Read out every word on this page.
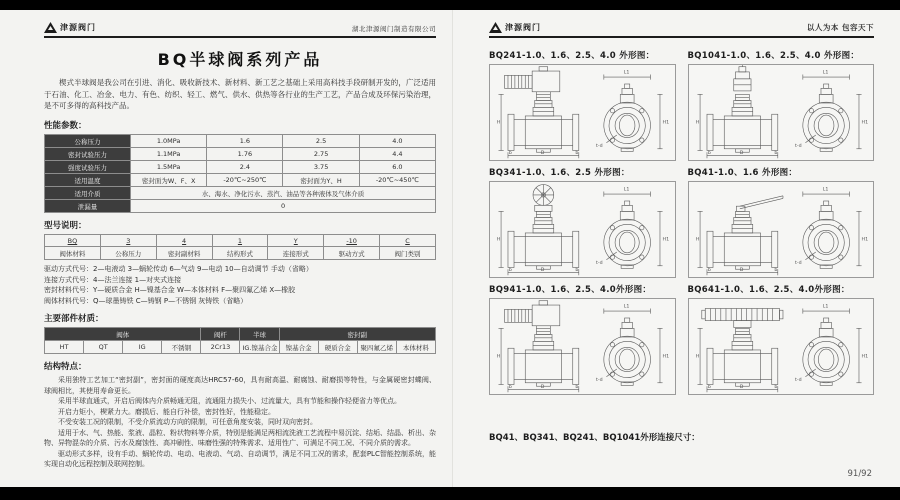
津源阀门	湖北津源阀门制造有限公司
BQ半球阀系列产品

楔式半球阀是我公司在引进、消化、吸收新技术、新材料、新工艺之基础上采用高科技手段研制开发的，广泛适用于石油、化工、冶金、电力、有色、纺织、轻工、燃气、供水、供热等各行业的生产工艺，产品合成及环保污染治理，是不可多得的高科技产品。

性能参数：
公称压力	1.0MPa	1.6	2.5	4.0
密封试验压力	1.1MPa	1.76	2.75	4.4
强度试验压力	1.5MPa	2.4	3.75	6.0
适用温度	密封面为W、F、X	-20℃~250℃	密封面为Y、H	-20℃~450℃
适用介质	水、海水、净化污水、蒸汽、油品等各种液体及气体介质			
泄漏量	0			
型号说明：
BQ	3	4	1	Y	-10	C
阀体材料	公称压力	密封副材料	结构形式	连接形式	驱动方式	阀门类别
驱动方式代号：2—电液动 3—蜗轮传动 6—气动 9—电动 10—自动调节 手动（省略）
连接方式代号：4—法兰连接 1—对夹式连接
密封材料代号：Y—硬质合金 H—镍基合金 W—本体材料 F—聚四氟乙烯 X—橡胶
阀体材料代号：Q—球墨铸铁 C—铸钢 P—不锈钢 灰铸铁（省略）
主要部件材质：
阀体				阀杆	半球	密封副			
HT	QT	IG	不锈钢	2Cr13	IG.镍基合金	镍基合金	硬质合金	聚四氟乙烯	本体材料
结构特点：

采用独特工艺加工“密封副”，密封面的硬度高达HRC57-60，具有耐高温、耐腐蚀、耐磨损等特性，与金属硬密封蝶阀、球阀相比，其使用寿命更长。

采用半球直通式，开启后阀体内介质畅通无阻，流通阻力损失小、过流量大，具有节能和操作轻便省力等优点。

开启力矩小，楔紧力大。磨损后、能自行补偿，密封性好，性能稳定。

不受安装工况的限制，不受介质流动方向的限制，可任意角度安装，同时双向密封。

适用于水、气、热能、浆液、晶粒、粉状物料等介质，特别是能满足两相流洗液工艺流程中易沉淀、结垢、结晶、析出、杂物、异物混杂的介质、污水及腐蚀性、高冲刷性、味磨性强的特殊需求、适用性广、可满足不同工况、不同介质的需求。

驱动形式多样，设有手动、蜗轮传动、电动、电液动、气动、自动调节，满足不同工况的需求，配套PLC智能控制系统，能实现自动化远程控制及联网控制。

津源阀门	以人为本 包容天下
BQ241-1.0、1.6、2.5、4.0 外形图：
D
H
L1
H1
t-d
b	b
BQ1041-1.0、1.6、2.5、4.0 外形图：
D
H
L1
H1
t-d
b	b
BQ341-1.0、1.6、2.5 外形图：
D
H
L1
H1
t-d
b	b
BQ41-1.0、1.6 外形图：
D
H
L1
H1
t-d
b	b
BQ941-1.0、1.6、2.5、4.0外形图：
D
H
L1
H1
t-d
b	b
BQ641-1.0、1.6、2.5、4.0外形图：
D
H
L1
H1
t-d
b	b
BQ41、BQ341、BQ241、BQ1041外形连接尺寸：
91/92
